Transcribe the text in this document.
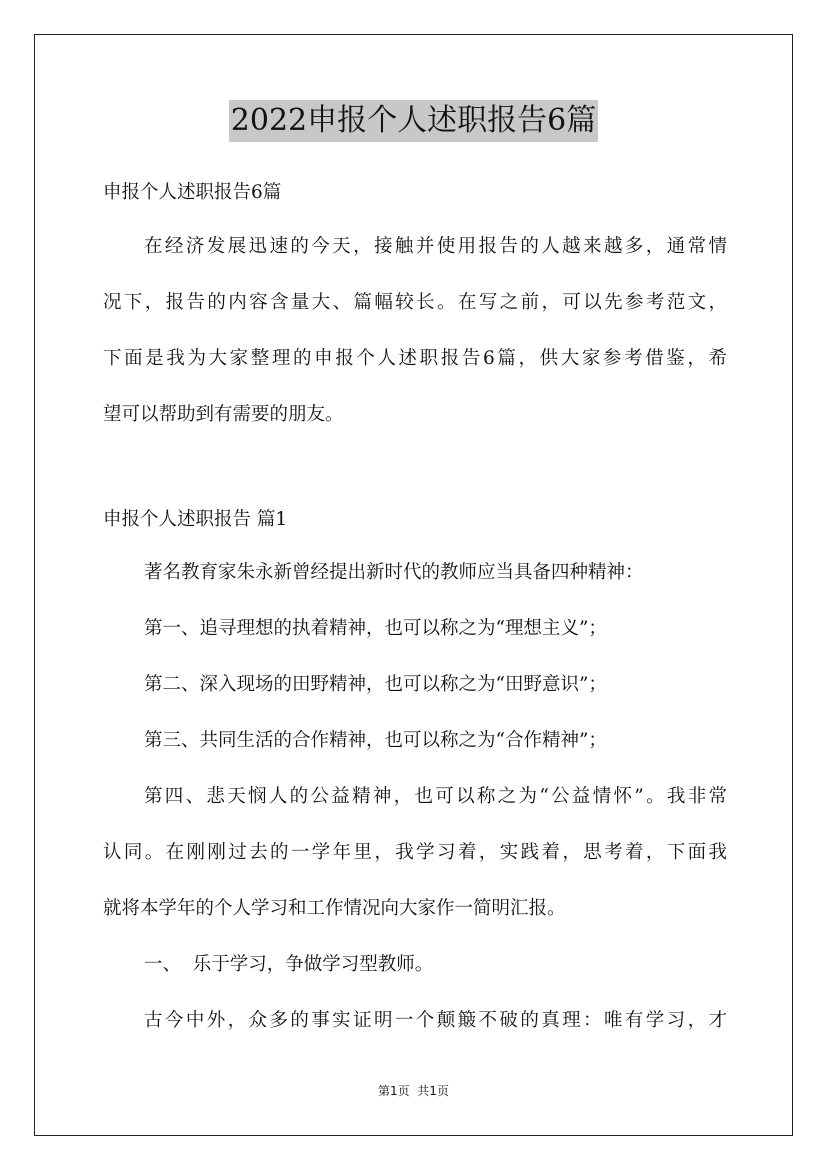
2022申报个人述职报告6篇
申报个人述职报告6篇
在经济发展迅速的今天，接触并使用报告的人越来越多，通常情
况下，报告的内容含量大、篇幅较长。在写之前，可以先参考范文，
下面是我为大家整理的申报个人述职报告6篇，供大家参考借鉴，希
望可以帮助到有需要的朋友。
申报个人述职报告 篇1
著名教育家朱永新曾经提出新时代的教师应当具备四种精神：
第一、追寻理想的执着精神，也可以称之为“理想主义”；
第二、深入现场的田野精神，也可以称之为“田野意识”；
第三、共同生活的合作精神，也可以称之为“合作精神”；
第四、悲天悯人的公益精神，也可以称之为“公益情怀”。我非常
认同。在刚刚过去的一学年里，我学习着，实践着，思考着，下面我
就将本学年的个人学习和工作情况向大家作一简明汇报。
一、  乐于学习，争做学习型教师。
古今中外，众多的事实证明一个颠簸不破的真理：唯有学习，才
第1页  共1页
